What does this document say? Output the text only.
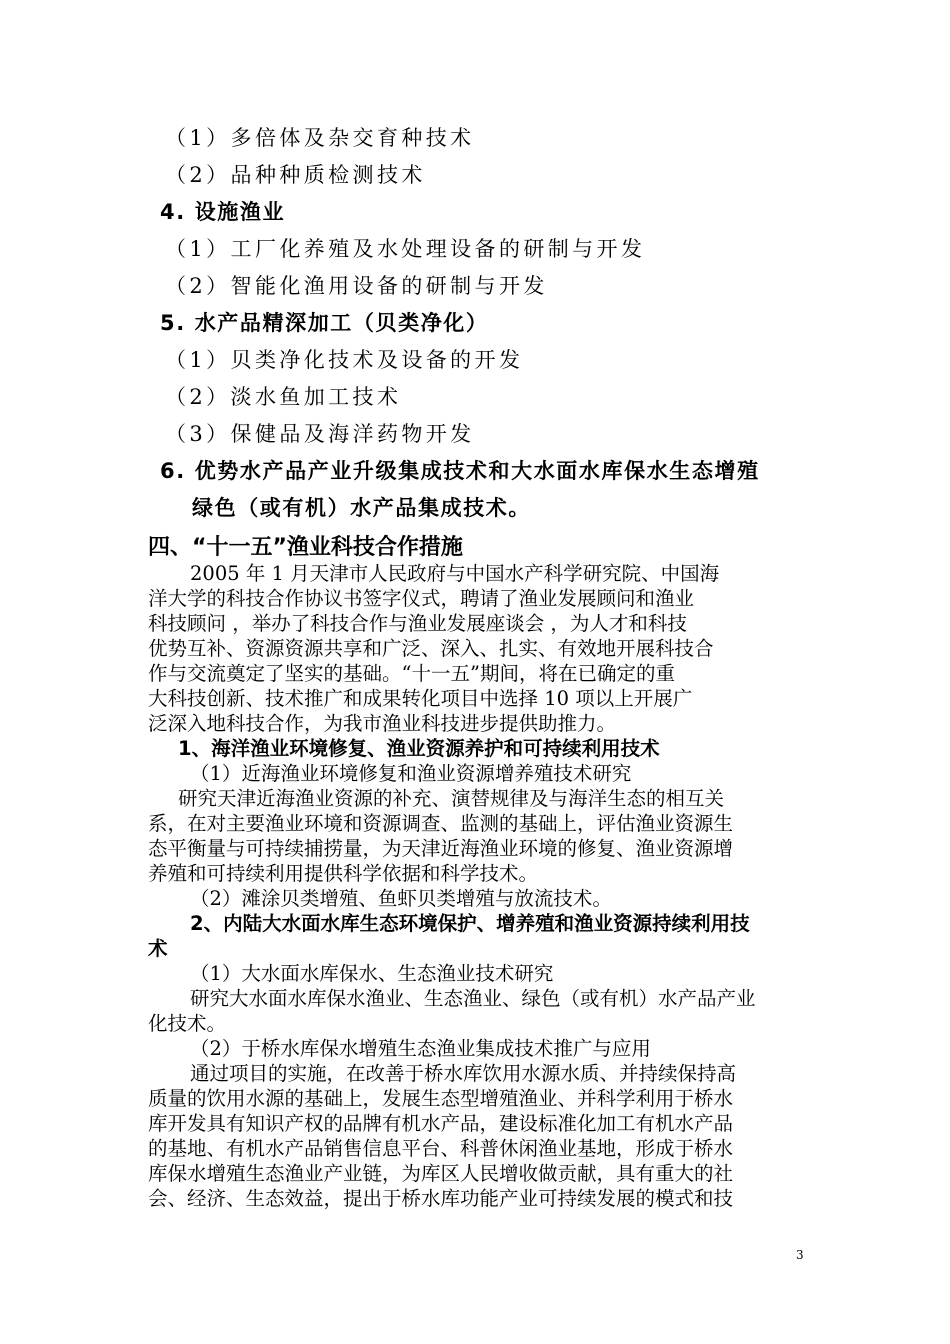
（1）多倍体及杂交育种技术

（2）品种种质检测技术

4. 设施渔业

（1）工厂化养殖及水处理设备的研制与开发

（2）智能化渔用设备的研制与开发

5. 水产品精深加工（贝类净化）

（1）贝类净化技术及设备的开发

（2）淡水鱼加工技术

（3）保健品及海洋药物开发

6. 优势水产品产业升级集成技术和大水面水库保水生态增殖

绿色（或有机）水产品集成技术。

四、“十一五”渔业科技合作措施

2005 年 1 月天津市人民政府与中国水产科学研究院、中国海

洋大学的科技合作协议书签字仪式，聘请了渔业发展顾问和渔业

科技顾问 ，举办了科技合作与渔业发展座谈会 ，为人才和科技

优势互补、资源资源共享和广泛、深入、扎实、有效地开展科技合

作与交流奠定了坚实的基础。“十一五”期间，将在已确定的重

大科技创新、技术推广和成果转化项目中选择 10 项以上开展广

泛深入地科技合作，为我市渔业科技进步提供助推力。

1、海洋渔业环境修复、渔业资源养护和可持续利用技术

（1）近海渔业环境修复和渔业资源增养殖技术研究

研究天津近海渔业资源的补充、演替规律及与海洋生态的相互关

系，在对主要渔业环境和资源调查、监测的基础上，评估渔业资源生

态平衡量与可持续捕捞量，为天津近海渔业环境的修复、渔业资源增

养殖和可持续利用提供科学依据和科学技术。

（2）滩涂贝类增殖、鱼虾贝类增殖与放流技术。

2、内陆大水面水库生态环境保护、增养殖和渔业资源持续利用技

术

（1）大水面水库保水、生态渔业技术研究

研究大水面水库保水渔业、生态渔业、绿色（或有机）水产品产业

化技术。

（2）于桥水库保水增殖生态渔业集成技术推广与应用

通过项目的实施，在改善于桥水库饮用水源水质、并持续保持高

质量的饮用水源的基础上，发展生态型增殖渔业、并科学利用于桥水

库开发具有知识产权的品牌有机水产品，建设标准化加工有机水产品

的基地、有机水产品销售信息平台、科普休闲渔业基地，形成于桥水

库保水增殖生态渔业产业链，为库区人民增收做贡献，具有重大的社

会、经济、生态效益，提出于桥水库功能产业可持续发展的模式和技

3
